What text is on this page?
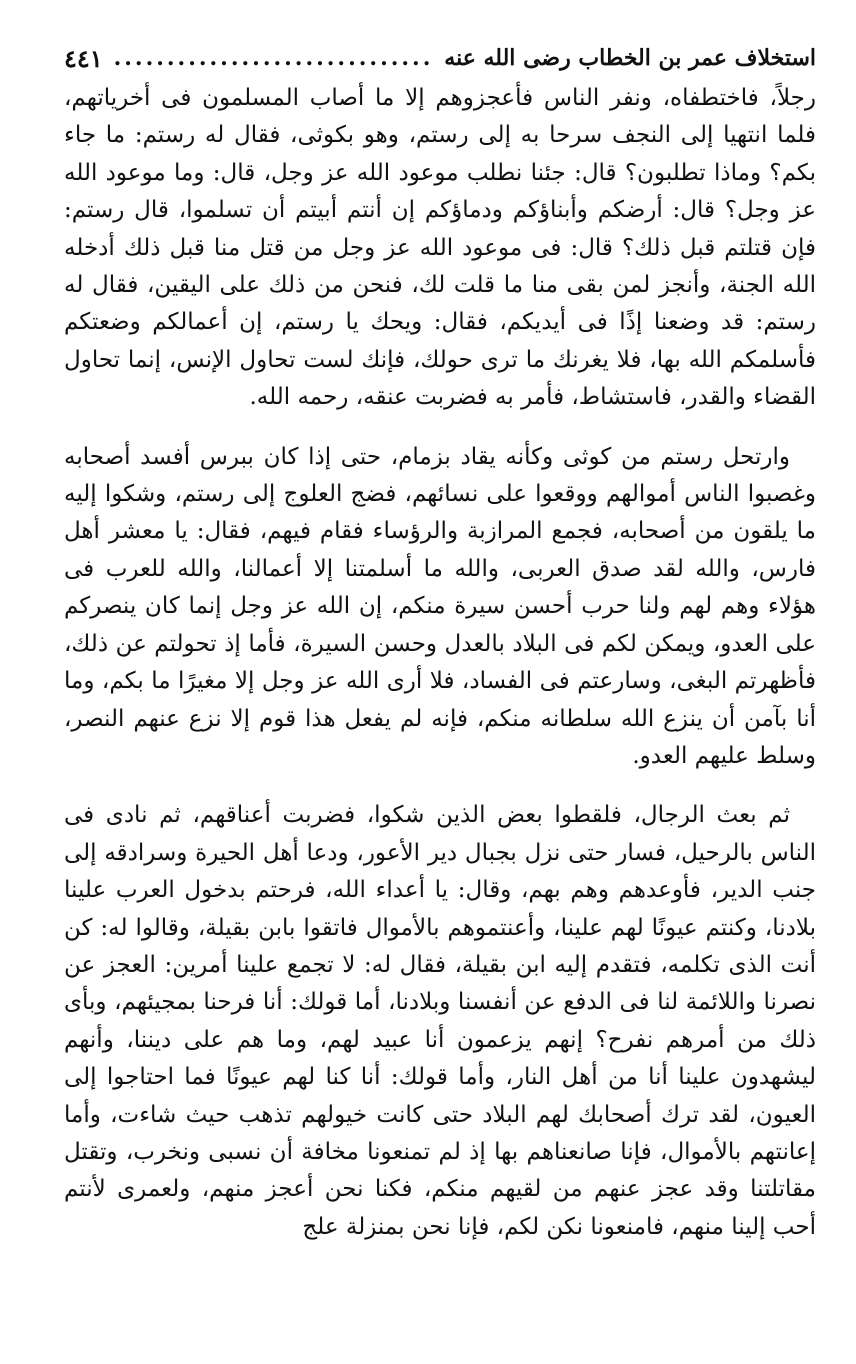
استخلاف عمر بن الخطاب رضى الله عنه
..............................
٤٤١

رجلاً، فاختطفاه، ونفر الناس فأعجزوهم إلا ما أصاب المسلمون فى أخرياتهم، فلما انتهيا إلى النجف سرحا به إلى رستم، وهو بكوثى، فقال له رستم: ما جاء بكم؟ وماذا تطلبون؟ قال: جئنا نطلب موعود الله عز وجل، قال: وما موعود الله عز وجل؟ قال: أرضكم وأبناؤكم ودماؤكم إن أنتم أبيتم أن تسلموا، قال رستم: فإن قتلتم قبل ذلك؟ قال: فى موعود الله عز وجل من قتل منا قبل ذلك أدخله الله الجنة، وأنجز لمن بقى منا ما قلت لك، فنحن من ذلك على اليقين، فقال له رستم: قد وضعنا إذًا فى أيديكم، فقال: ويحك يا رستم، إن أعمالكم وضعتكم فأسلمكم الله بها، فلا يغرنك ما ترى حولك، فإنك لست تحاول الإنس، إنما تحاول القضاء والقدر، فاستشاط، فأمر به فضربت عنقه، رحمه الله.

وارتحل رستم من كوثى وكأنه يقاد بزمام، حتى إذا كان ببرس أفسد أصحابه وغصبوا الناس أموالهم ووقعوا على نسائهم، فضج العلوج إلى رستم، وشكوا إليه ما يلقون من أصحابه، فجمع المرازبة والرؤساء فقام فيهم، فقال: يا معشر أهل فارس، والله لقد صدق العربى، والله ما أسلمتنا إلا أعمالنا، والله للعرب فى هؤلاء وهم لهم ولنا حرب أحسن سيرة منكم، إن الله عز وجل إنما كان ينصركم على العدو، ويمكن لكم فى البلاد بالعدل وحسن السيرة، فأما إذ تحولتم عن ذلك، فأظهرتم البغى، وسارعتم فى الفساد، فلا أرى الله عز وجل إلا مغيرًا ما بكم، وما أنا بآمن أن ينزع الله سلطانه منكم، فإنه لم يفعل هذا قوم إلا نزع عنهم النصر، وسلط عليهم العدو.

ثم بعث الرجال، فلقطوا بعض الذين شكوا، فضربت أعناقهم، ثم نادى فى الناس بالرحيل، فسار حتى نزل بجبال دير الأعور، ودعا أهل الحيرة وسرادقه إلى جنب الدير، فأوعدهم وهم بهم، وقال: يا أعداء الله، فرحتم بدخول العرب علينا بلادنا، وكنتم عيونًا لهم علينا، وأعنتموهم بالأموال فاتقوا بابن بقيلة، وقالوا له: كن أنت الذى تكلمه، فتقدم إليه ابن بقيلة، فقال له: لا تجمع علينا أمرين: العجز عن نصرنا واللائمة لنا فى الدفع عن أنفسنا وبلادنا، أما قولك: أنا فرحنا بمجيئهم، وبأى ذلك من أمرهم نفرح؟ إنهم يزعمون أنا عبيد لهم، وما هم على ديننا، وأنهم ليشهدون علينا أنا من أهل النار، وأما قولك: أنا كنا لهم عيونًا فما احتاجوا إلى العيون، لقد ترك أصحابك لهم البلاد حتى كانت خيولهم تذهب حيث شاءت، وأما إعانتهم بالأموال، فإنا صانعناهم بها إذ لم تمنعونا مخافة أن نسبى ونخرب، وتقتل مقاتلتنا وقد عجز عنهم من لقيهم منكم، فكنا نحن أعجز منهم، ولعمرى لأنتم أحب إلينا منهم، فامنعونا نكن لكم، فإنا نحن بمنزلة علج
